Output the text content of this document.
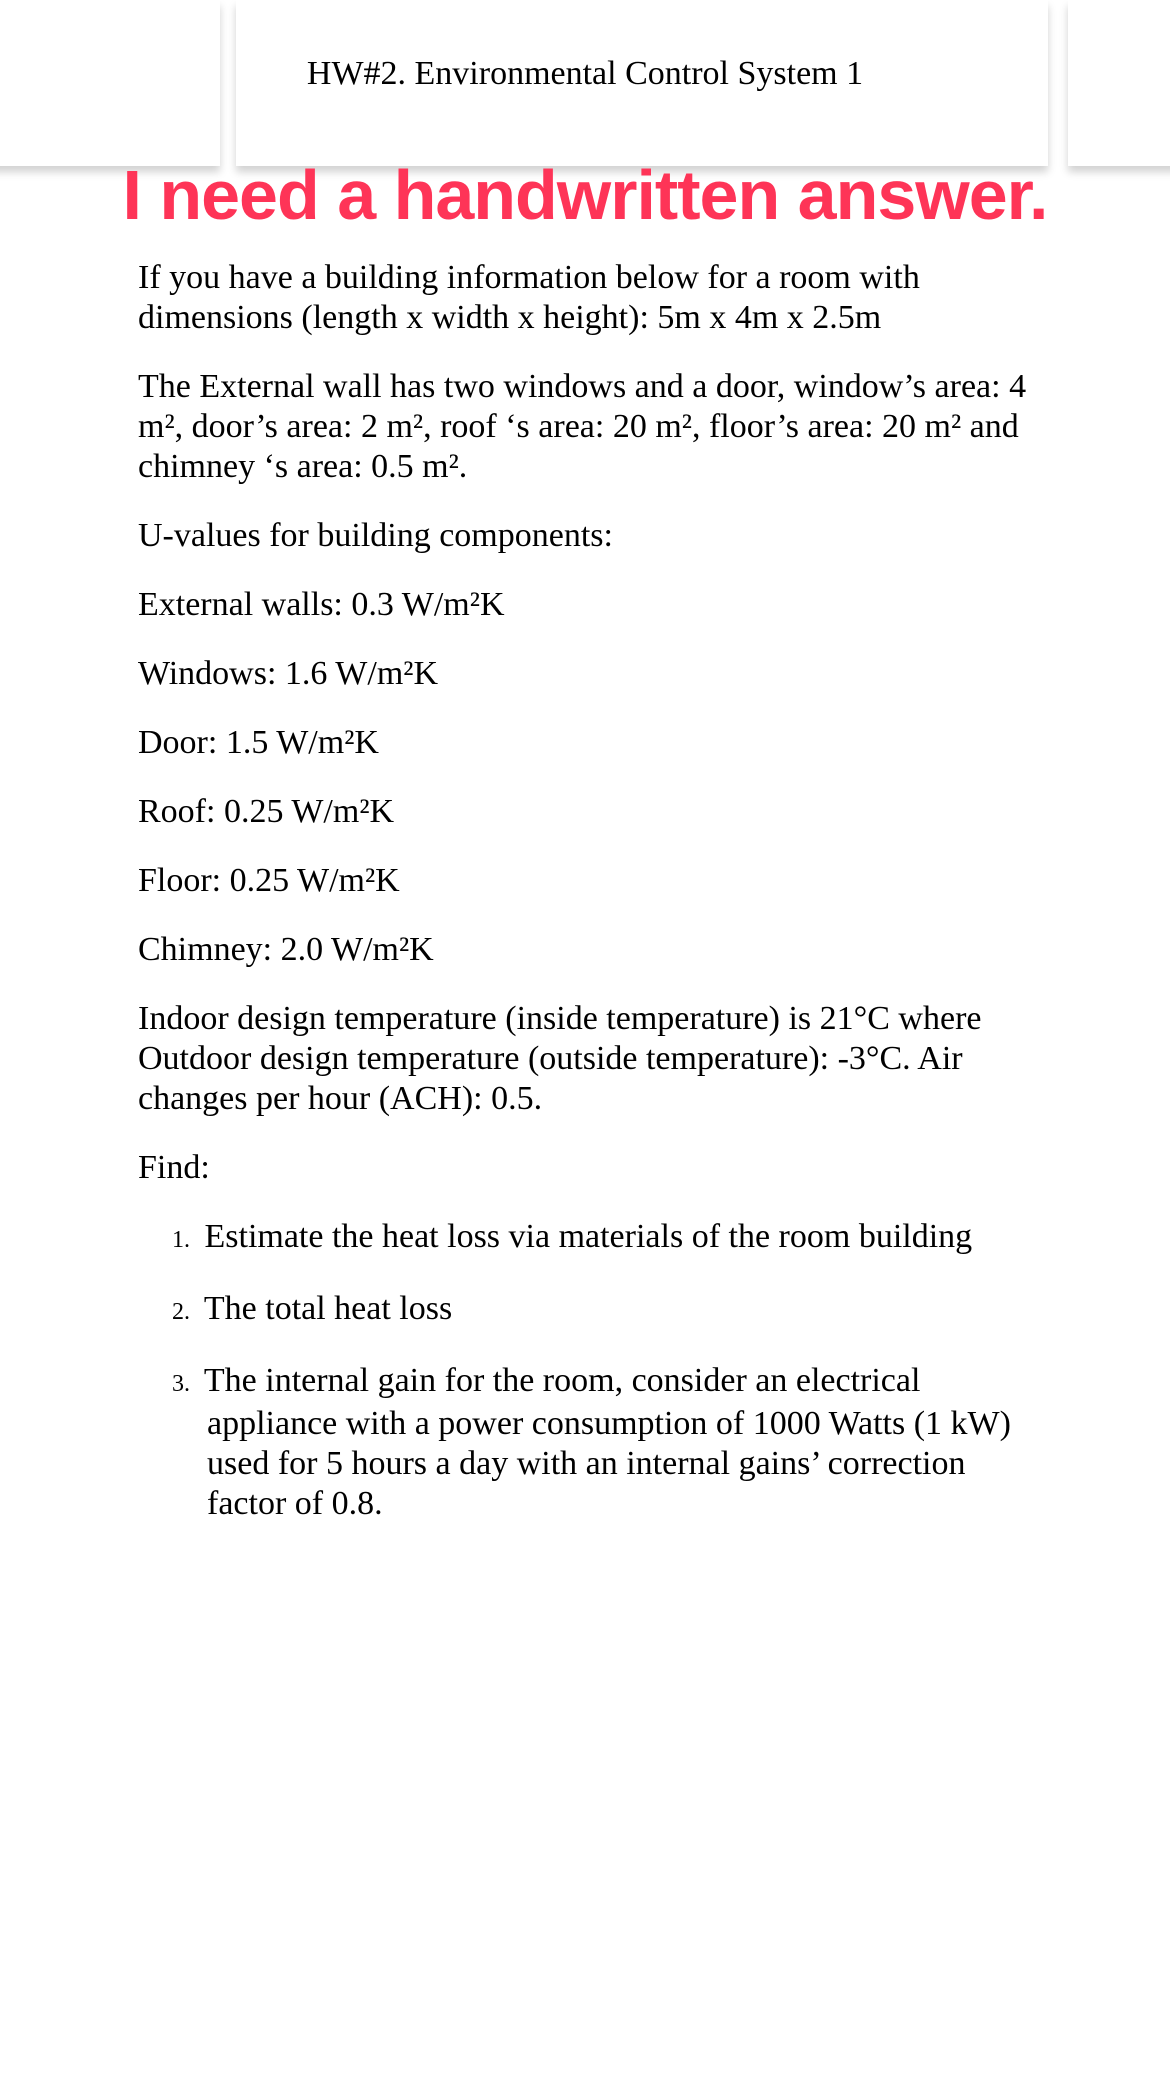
HW#2. Environmental Control System 1
I need a handwritten answer.

If you have a building information below for a room with dimensions (length x width x height): 5m x 4m x 2.5m

The External wall has two windows and a door, window’s area: 4 m², door’s area: 2 m², roof ‘s area: 20 m², floor’s area: 20 m² and chimney ‘s area: 0.5 m².

U-values for building components:

External walls: 0.3 W/m²K

Windows: 1.6 W/m²K

Door: 1.5 W/m²K

Roof: 0.25 W/m²K

Floor: 0.25 W/m²K

Chimney: 2.0 W/m²K

Indoor design temperature (inside temperature) is 21°C where Outdoor design temperature (outside temperature): -3°C. Air changes per hour (ACH): 0.5.

Find:

1. Estimate the heat loss via materials of the room building
2. The total heat loss
3. The internal gain for the room, consider an electrical appliance with a power consumption of 1000 Watts (1 kW) used for 5 hours a day with an internal gains’ correction factor of 0.8.
